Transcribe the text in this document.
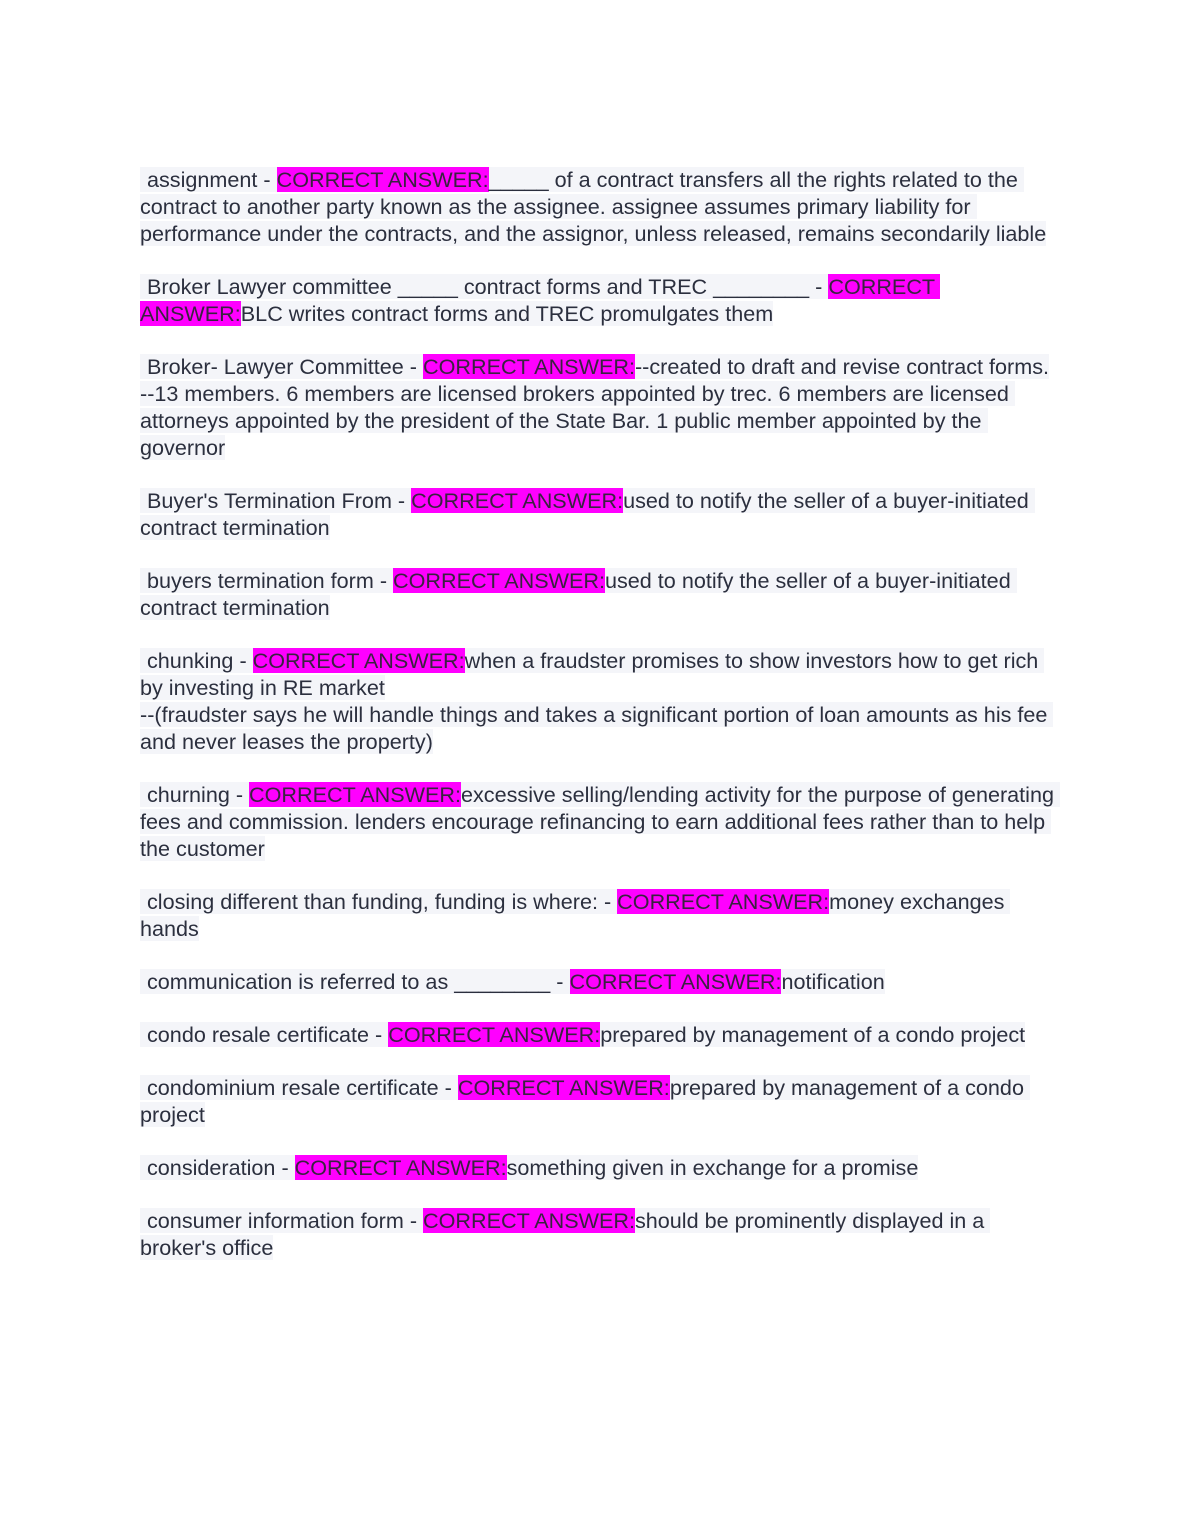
assignment - CORRECT ANSWER:_____ of a contract transfers all the rights related to the contract to another party known as the assignee. assignee assumes primary liability for performance under the contracts, and the assignor, unless released, remains secondarily liable
Broker Lawyer committee _____ contract forms and TREC ________ - CORRECT ANSWER:BLC writes contract forms and TREC promulgates them
Broker- Lawyer Committee - CORRECT ANSWER:--created to draft and revise contract forms.
--13 members. 6 members are licensed brokers appointed by trec. 6 members are licensed attorneys appointed by the president of the State Bar. 1 public member appointed by the governor
Buyer's Termination From - CORRECT ANSWER:used to notify the seller of a buyer-initiated contract termination
buyers termination form - CORRECT ANSWER:used to notify the seller of a buyer-initiated contract termination
chunking - CORRECT ANSWER:when a fraudster promises to show investors how to get rich by investing in RE market
--(fraudster says he will handle things and takes a significant portion of loan amounts as his fee and never leases the property)
churning - CORRECT ANSWER:excessive selling/lending activity for the purpose of generating fees and commission. lenders encourage refinancing to earn additional fees rather than to help the customer
closing different than funding, funding is where: - CORRECT ANSWER:money exchanges hands
communication is referred to as ________ - CORRECT ANSWER:notification
condo resale certificate - CORRECT ANSWER:prepared by management of a condo project
condominium resale certificate - CORRECT ANSWER:prepared by management of a condo project
consideration - CORRECT ANSWER:something given in exchange for a promise
consumer information form - CORRECT ANSWER:should be prominently displayed in a broker's office
